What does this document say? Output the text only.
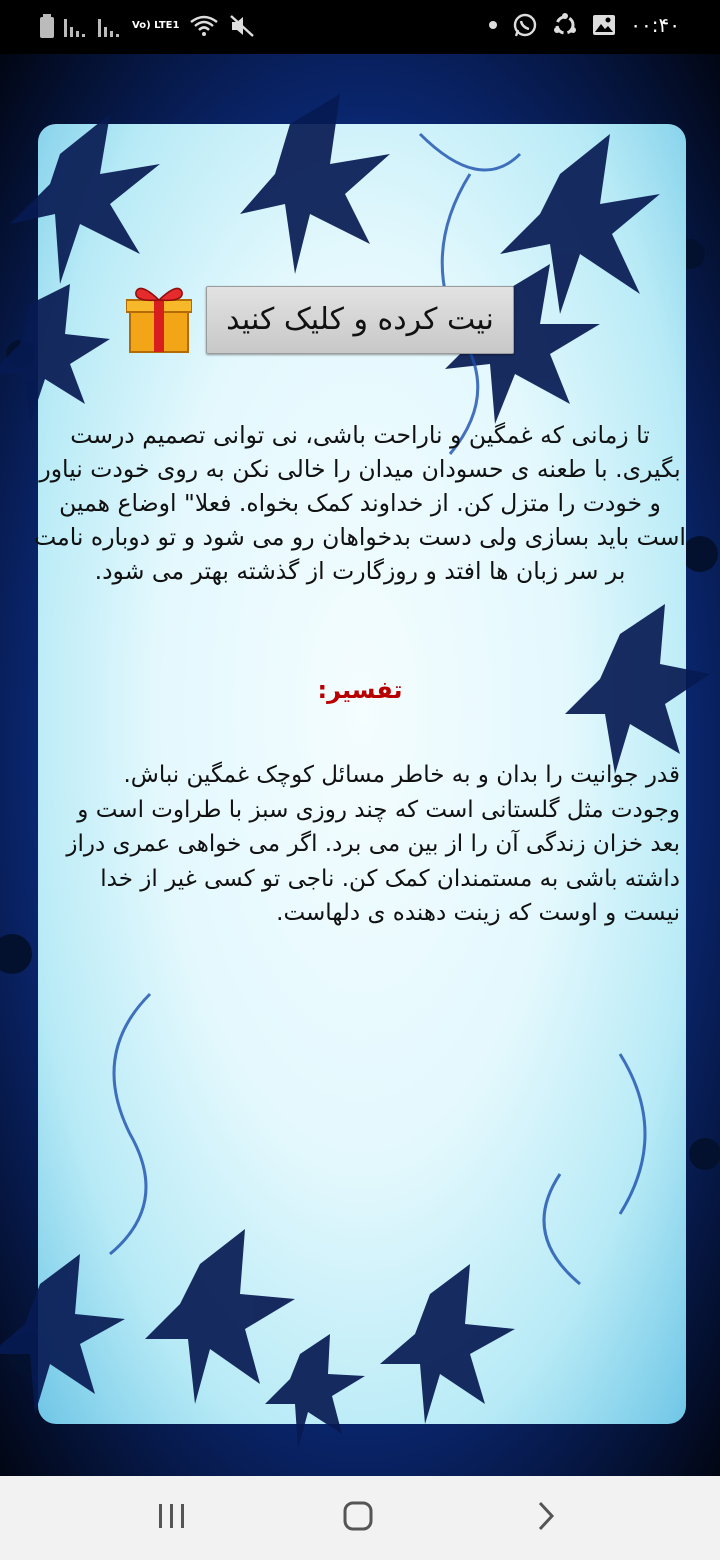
Vo) LTE1	۰۰:۴۰
نیت کرده و کلیک کنید
تا زمانی که غمگین و ناراحت باشی، نی توانی تصمیم درست بگیری. با طعنه ی حسودان میدان را خالی نکن به روی خودت نیاور و خودت را متزل کن. از خداوند کمک بخواه. فعلا" اوضاع همین است باید بسازی ولی دست بدخواهان رو می شود و تو دوباره نامت بر سر زبان ها افتد و روزگارت از گذشته بهتر می شود.
تفسیر:
قدر جوانیت را بدان و به خاطر مسائل کوچک غمگین نباش. وجودت مثل گلستانی است که چند روزی سبز با طراوت است و بعد خزان زندگی آن را از بین می برد. اگر می خواهی عمری دراز داشته باشی به مستمندان کمک کن. ناجی تو کسی غیر از خدا نیست و اوست که زینت دهنده ی دلهاست.
